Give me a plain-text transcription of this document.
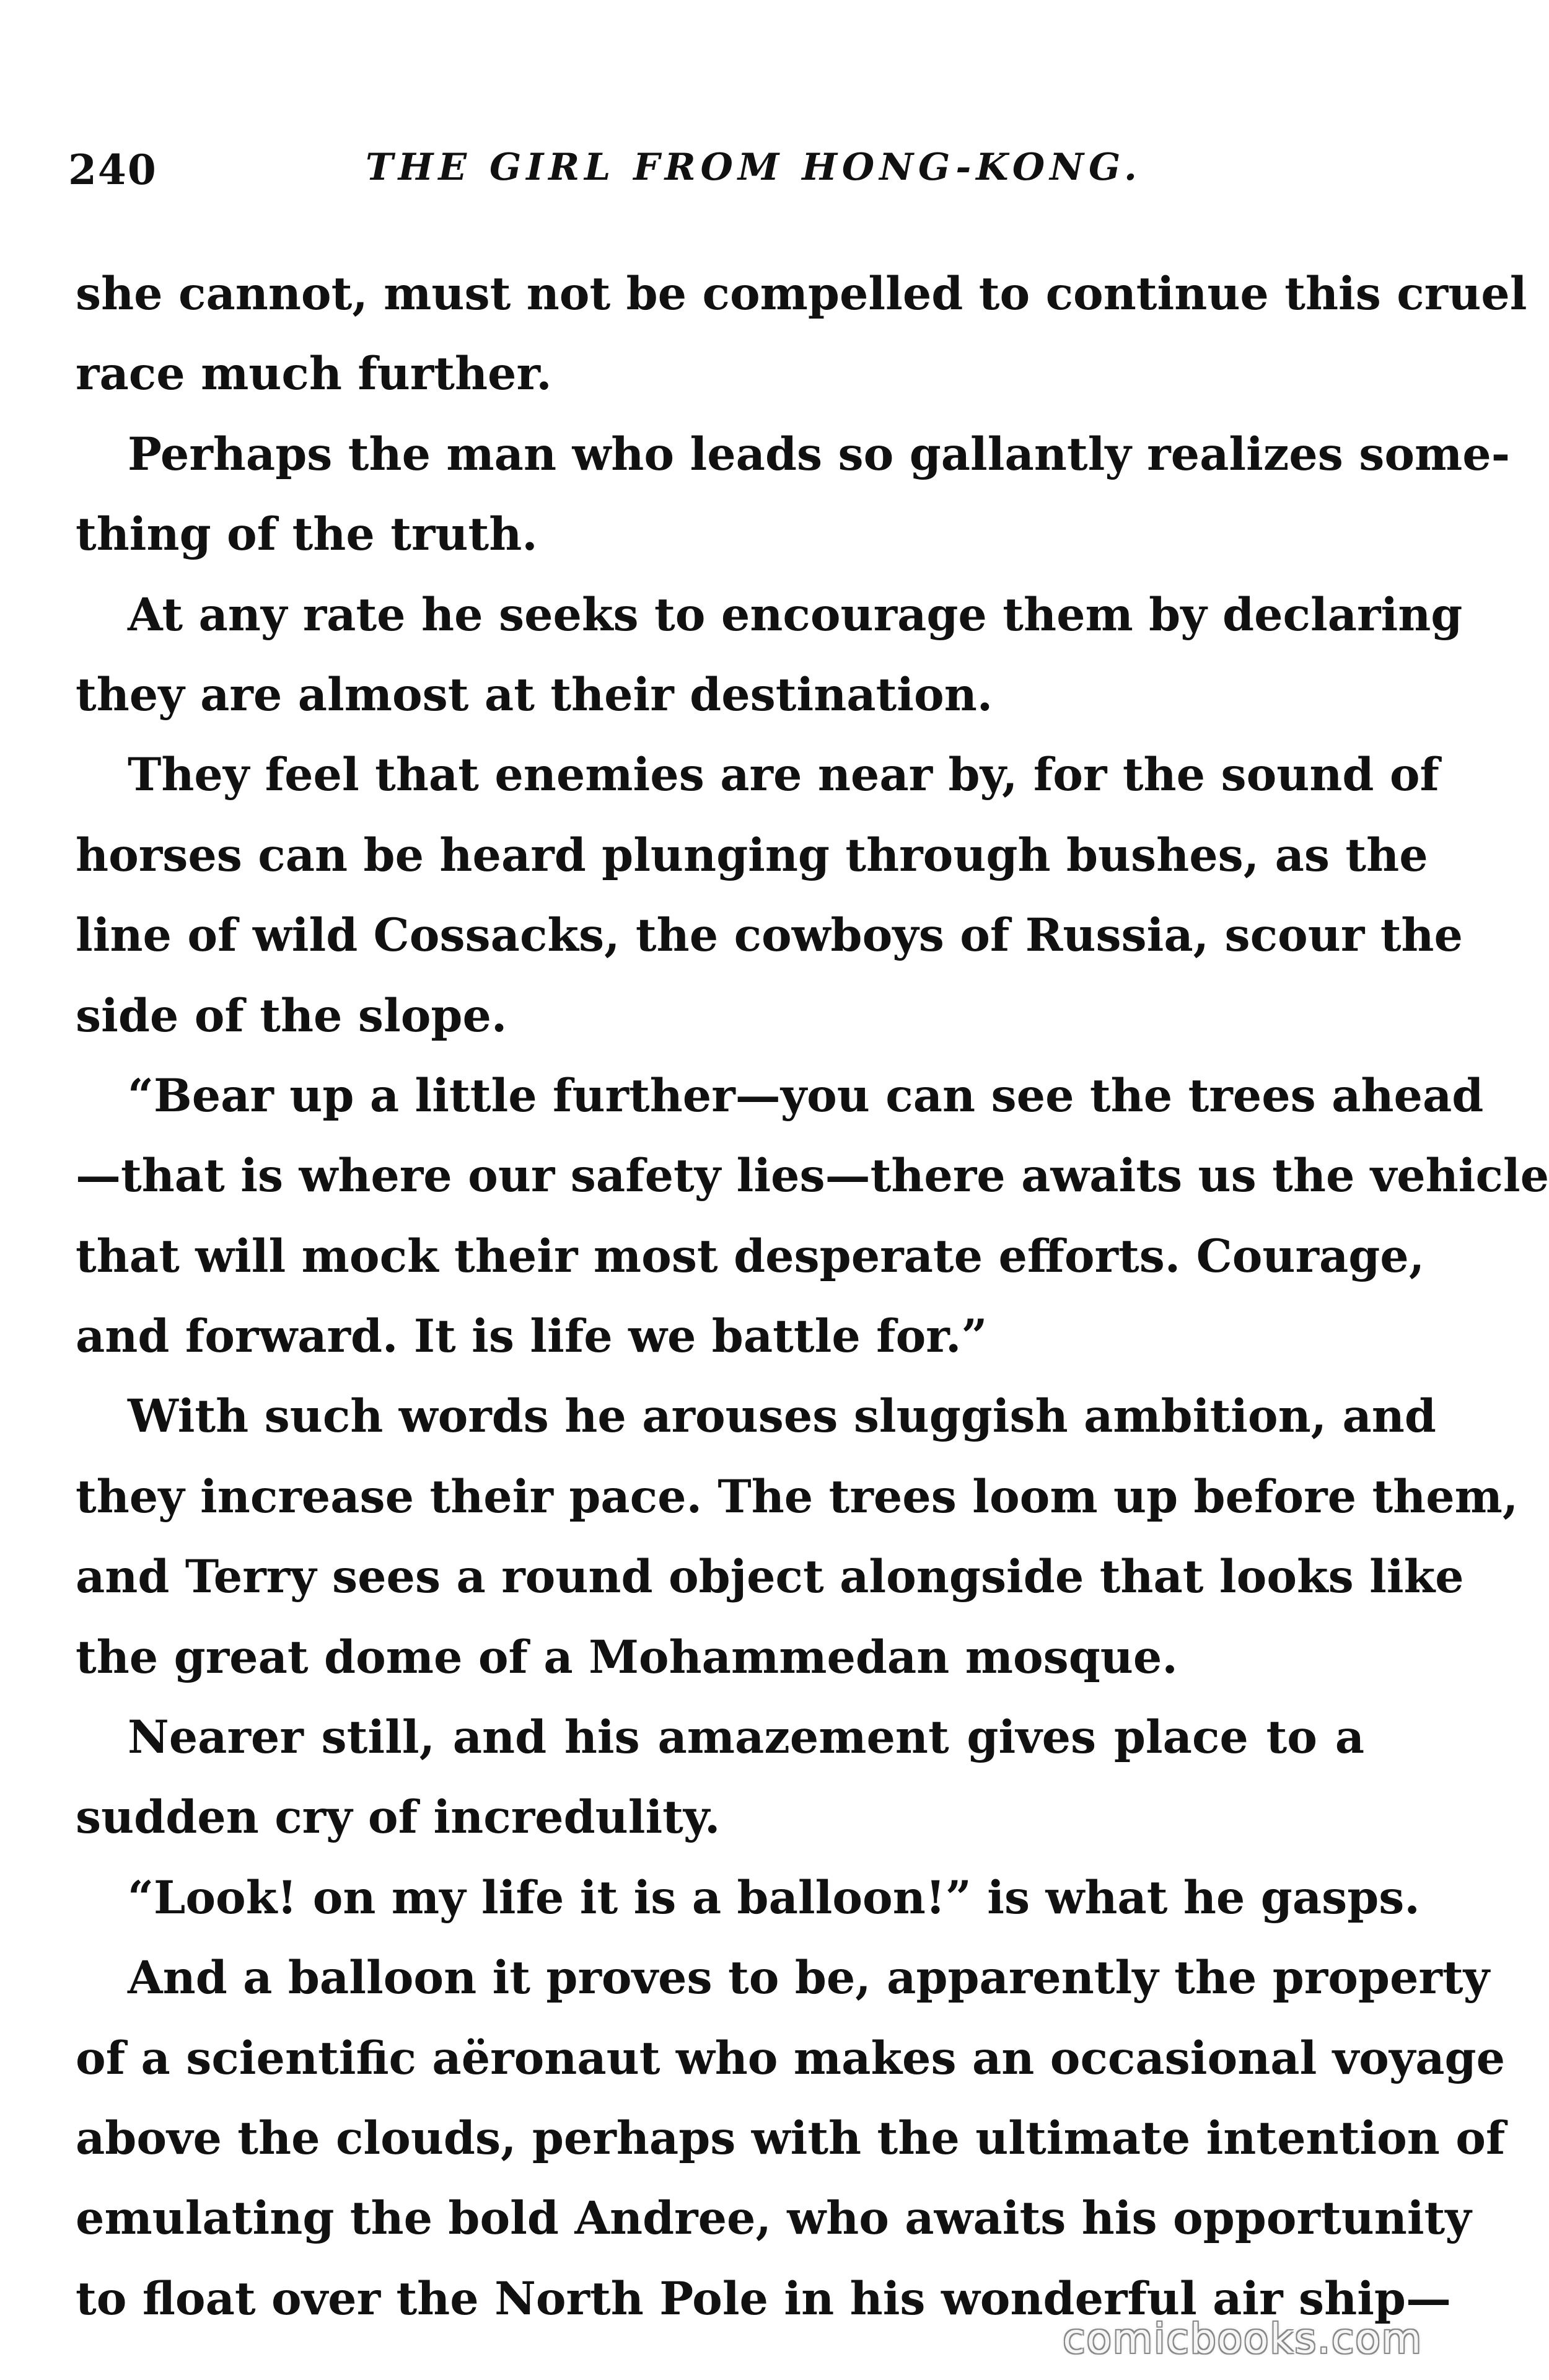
240	THE GIRL FROM HONG-KONG.
she cannot, must not be compelled to continue this cruel
race much further.
Perhaps the man who leads so gallantly realizes some-
thing of the truth.
At any rate he seeks to encourage them by declaring
they are almost at their destination.
They feel that enemies are near by, for the sound of
horses can be heard plunging through bushes, as the
line of wild Cossacks, the cowboys of Russia, scour the
side of the slope.
“Bear up a little further—you can see the trees ahead
—that is where our safety lies—there awaits us the vehicle
that will mock their most desperate efforts. Courage,
and forward. It is life we battle for.”
With such words he arouses sluggish ambition, and
they increase their pace. The trees loom up before them,
and Terry sees a round object alongside that looks like
the great dome of a Mohammedan mosque.
Nearer still, and his amazement gives place to a
sudden cry of incredulity.
“Look! on my life it is a balloon!” is what he gasps.
And a balloon it proves to be, apparently the property
of a scientific aëronaut who makes an occasional voyage
above the clouds, perhaps with the ultimate intention of
emulating the bold Andree, who awaits his opportunity
to float over the North Pole in his wonderful air ship—
comicbooks.com
